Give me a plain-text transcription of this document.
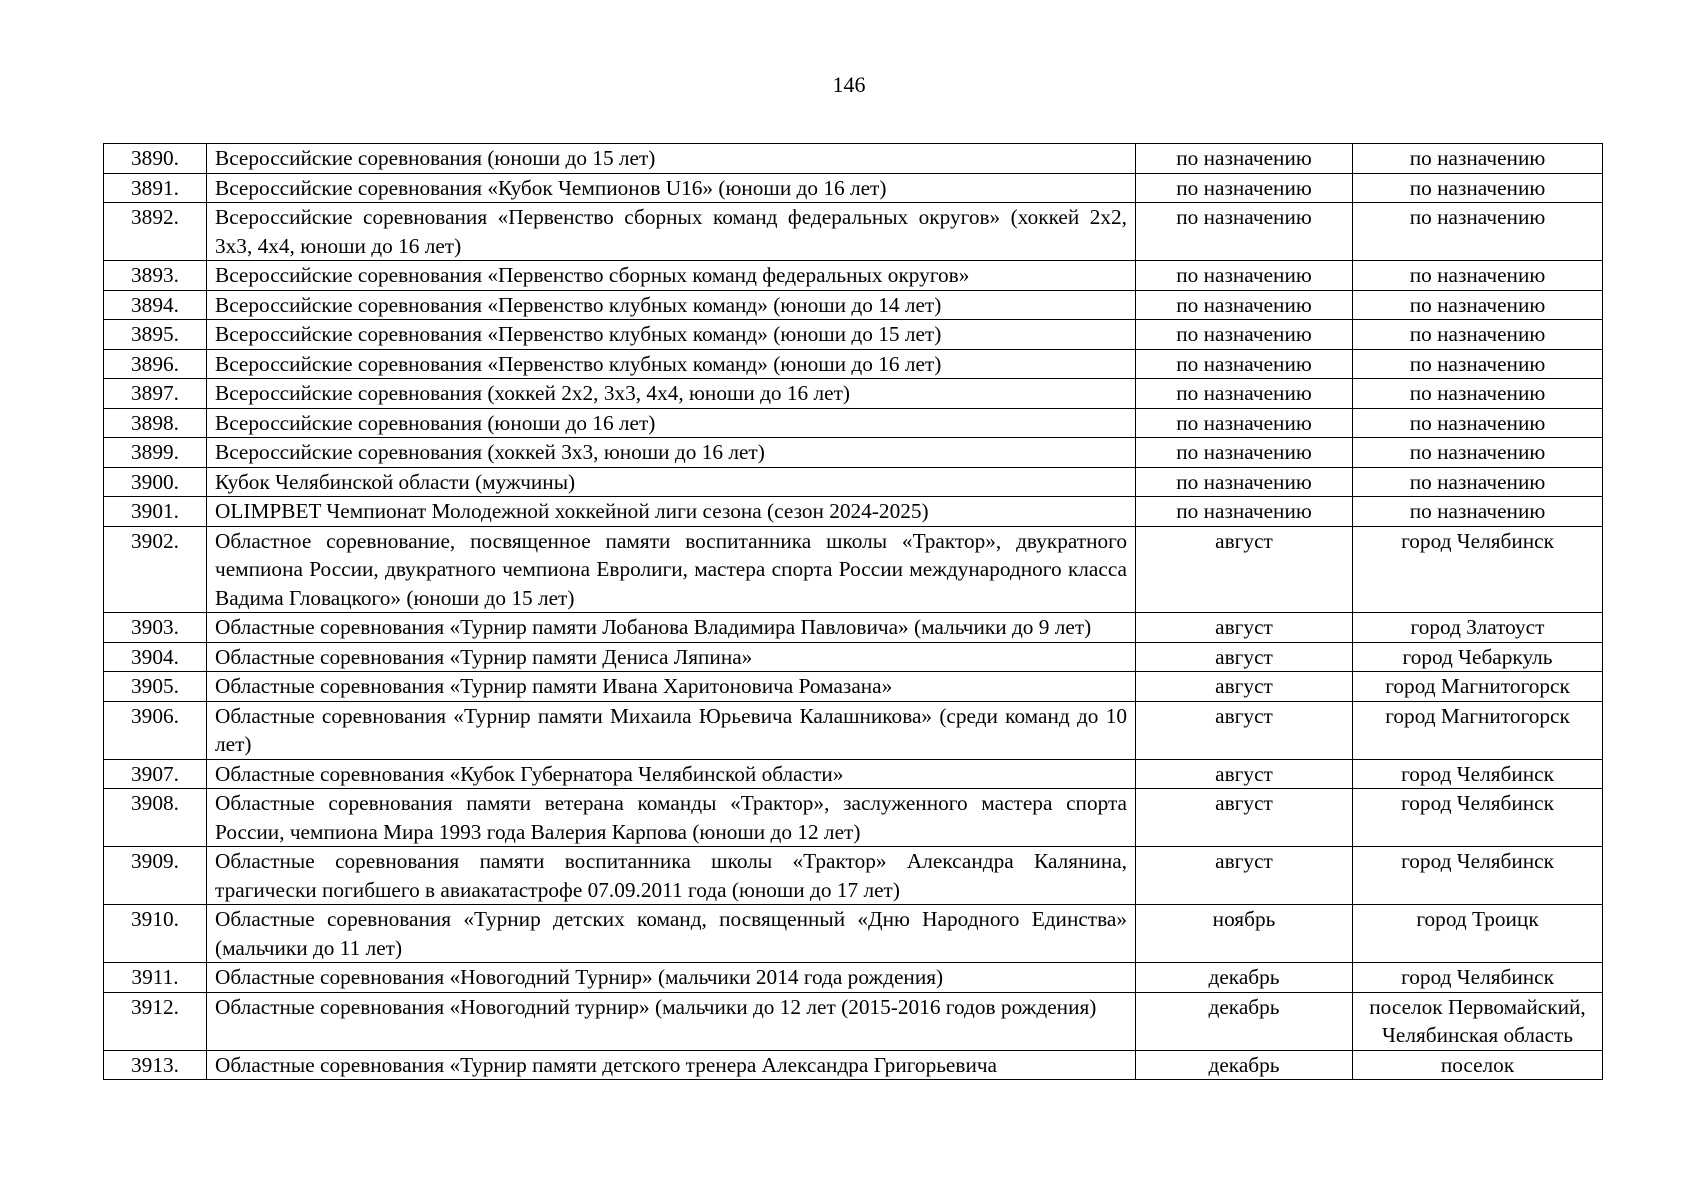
146
3890.	Всероссийские соревнования (юноши до 15 лет)	по назначению	по назначению
3891.	Всероссийские соревнования «Кубок Чемпионов U16» (юноши до 16 лет)	по назначению	по назначению
3892.	Всероссийские соревнования «Первенство сборных команд федеральных округов» (хоккей 2х2, 3х3, 4х4, юноши до 16 лет)	по назначению	по назначению
3893.	Всероссийские соревнования «Первенство сборных команд федеральных округов»	по назначению	по назначению
3894.	Всероссийские соревнования «Первенство клубных команд» (юноши до 14 лет)	по назначению	по назначению
3895.	Всероссийские соревнования «Первенство клубных команд» (юноши до 15 лет)	по назначению	по назначению
3896.	Всероссийские соревнования «Первенство клубных команд» (юноши до 16 лет)	по назначению	по назначению
3897.	Всероссийские соревнования (хоккей 2х2, 3х3, 4х4, юноши до 16 лет)	по назначению	по назначению
3898.	Всероссийские соревнования (юноши до 16 лет)	по назначению	по назначению
3899.	Всероссийские соревнования (хоккей 3х3, юноши до 16 лет)	по назначению	по назначению
3900.	Кубок Челябинской области (мужчины)	по назначению	по назначению
3901.	OLIMPBET Чемпионат Молодежной хоккейной лиги сезона (сезон 2024-2025)	по назначению	по назначению
3902.	Областное соревнование, посвященное памяти воспитанника школы «Трактор», двукратного чемпиона России, двукратного чемпиона Евролиги, мастера спорта России международного класса Вадима Гловацкого» (юноши до 15 лет)	август	город Челябинск
3903.	Областные соревнования «Турнир памяти Лобанова Владимира Павловича» (мальчики до 9 лет)	август	город Златоуст
3904.	Областные соревнования «Турнир памяти Дениса Ляпина»	август	город Чебаркуль
3905.	Областные соревнования «Турнир памяти Ивана Харитоновича Ромазана»	август	город Магнитогорск
3906.	Областные соревнования «Турнир памяти Михаила Юрьевича Калашникова» (среди команд до 10 лет)	август	город Магнитогорск
3907.	Областные соревнования «Кубок Губернатора Челябинской области»	август	город Челябинск
3908.	Областные соревнования памяти ветерана команды «Трактор», заслуженного мастера спорта России, чемпиона Мира 1993 года Валерия Карпова (юноши до 12 лет)	август	город Челябинск
3909.	Областные соревнования памяти воспитанника школы «Трактор» Александра Калянина, трагически погибшего в авиакатастрофе 07.09.2011 года (юноши до 17 лет)	август	город Челябинск
3910.	Областные соревнования «Турнир детских команд, посвященный «Дню Народного Единства» (мальчики до 11 лет)	ноябрь	город Троицк
3911.	Областные соревнования «Новогодний Турнир» (мальчики 2014 года рождения)	декабрь	город Челябинск
3912.	Областные соревнования «Новогодний турнир» (мальчики до 12 лет (2015-2016 годов рождения)	декабрь	поселок Первомайский, Челябинская область
3913.	Областные соревнования «Турнир памяти детского тренера Александра Григорьевича	декабрь	поселок
